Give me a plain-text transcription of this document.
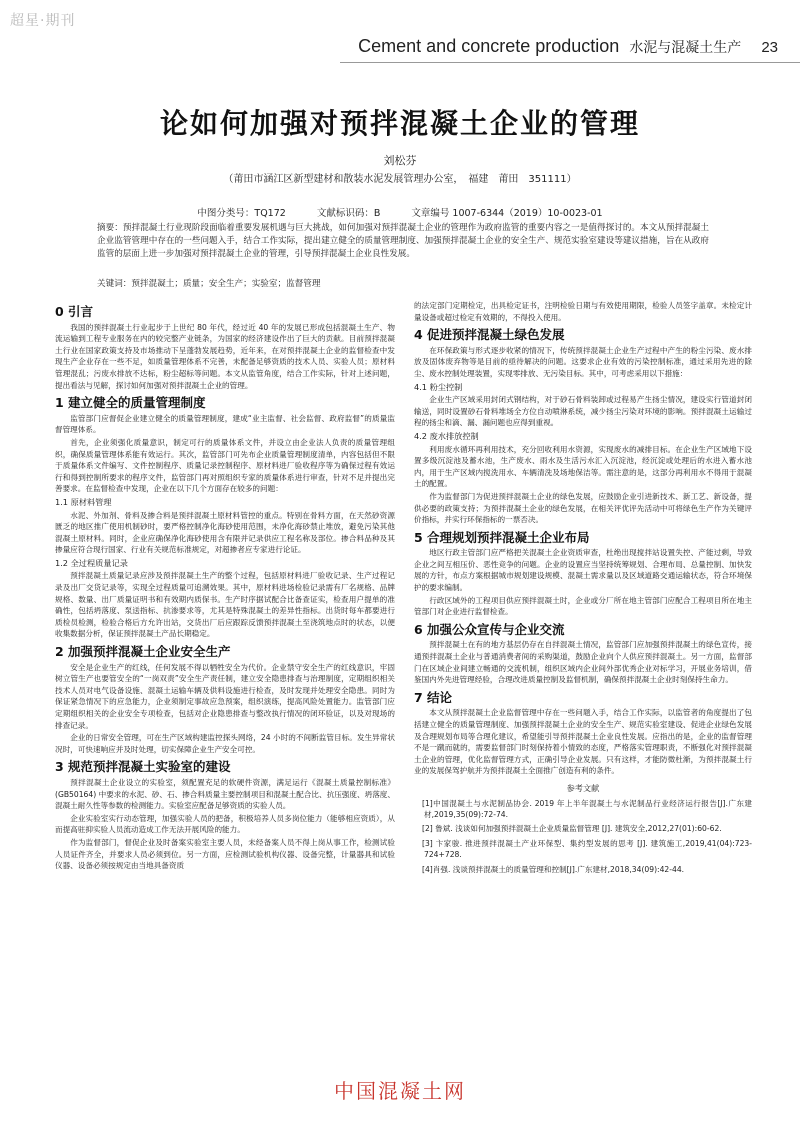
超星·期刊
Cement and concrete production 水泥与混凝土生产 23
论如何加强对预拌混凝土企业的管理
刘松芬
（莆田市涵江区新型建材和散装水泥发展管理办公室，　福建　莆田　351111）
中图分类号：TQ172	文献标识码：B	文章编号 1007-6344（2019）10-0023-01
摘要：预拌混凝土行业现阶段面临着重要发展机遇与巨大挑战，如何加强对预拌混凝土企业的管理作为政府监管的重要内容之一是值得探讨的。本文从预拌混凝土企业监管管理中存在的一些问题入手，结合工作实际，提出建立健全的质量管理制度、加强预拌混凝土企业的安全生产、规范实验室建设等建议措施，旨在从政府监管的层面上进一步加强对预拌混凝土企业的管理，引导预拌混凝土企业良性发展。
关键词：预拌混凝土；质量；安全生产；实验室；监督管理
0 引言

我国的预拌混凝土行业起步于上世纪 80 年代，经过近 40 年的发展已形成包括混凝土生产、物流运输到工程专业服务在内的较完整产业链条，为国家的经济建设作出了巨大的贡献。目前预拌混凝土行业在国家政策支持及市场推动下呈蓬勃发展趋势，近年来，在对预拌混凝土企业的监督检查中发现生产企业存在一些不足，如质量管理体系不完善，未配备足够资质的技术人员、实验人员；原材料管理混乱；污废水排放不达标，粉尘超标等问题。本文从监管角度，结合工作实际，针对上述问题，提出看法与见解，探讨如何加强对预拌混凝土企业的管理。

1 建立健全的质量管理制度

监管部门应督促企业建立健全的质量管理制度，建成“业主监督、社会监督、政府监督”的质量监督管理体系。

首先，企业须强化质量意识，制定可行的质量体系文件，并设立由企业法人负责的质量管理组织，确保质量管理体系能有效运行。其次，监管部门可先布企业质量管理制度清单，内容包括但不限于质量体系文件编写、文件控制程序、质量记录控制程序、原材料进厂验收程序等为确保过程有效运行和得到控制所要求的程序文件，监管部门再对照组织专家的质量体系进行审查，针对不足并提出完善要求。在监督检查中发现，企业在以下几个方面存在较多的问题：

1.1 原材料管理

水泥、外加剂、骨料及掺合料是预拌混凝土原材料管控的重点。特别在骨料方面，在天然砂资源匮乏的地区推广使用机制砂时，要严格控制净化海砂使用范围，未净化海砂禁止堆放，避免污染其他混凝土原材料。同时，企业应确保净化海砂使用含有限并记录供应工程名称及部位。掺合料品种及其掺量应符合现行国家、行业有关规范标准规定，对超掺者应专家进行论证。

1.2 全过程质量记录

预拌混凝土质量记录应涉及预拌混凝土生产的整个过程，包括原材料进厂验收记录、生产过程记录及出厂交货记录等，实现全过程质量可追溯效果。其中，原材料进场检验记录需有厂名规格、品牌规格、数量、出厂质量证明书和有效期内质保书。生产时序据试配合比备查证实，检查用户提单的准确性，包括坍落度、泵送指标、抗渗要求等，尤其是特殊混凝土的差异性指标。出货时每车都要进行质检员检测，检验合格后方允许出站，交货出厂后应跟踪反馈预拌混凝土至浇筑地点时的状态，以便收集数据分析，保证预拌混凝土产品长期稳定。

2 加强预拌混凝土企业安全生产

安全是企业生产的红线，任何发展不得以牺牲安全为代价。企业禁守安全生产的红线意识，牢固树立管生产也要管安全的“一岗双责”安全生产责任制，建立安全隐患排查与治理制度，定期组织相关技术人员对电气设备设施、混凝土运输车辆及供料设施进行检查，及时发现并处理安全隐患。同时为保证紧急情况下的应急能力，企业须制定事故应急预案，组织演练，提高风险处置能力。监管部门应定期组织相关的企业安全专项检查，包括对企业隐患排查与整改执行情况的闭环验证，以及对现场的排查记录。

企业的日常安全管理，可在生产区域构建监控探头网络，24 小时的不间断监管目标。发生异常状况时，可快速响应并及时处理，切实保障企业生产安全可控。

3 规范预拌混凝土实验室的建设

预拌混凝土企业设立的实验室，须配置充足的软硬件资源，满足运行《混凝土质量控制标准》(GB50164) 中要求的水泥、砂、石、掺合料质量主要控制项目和混凝土配合比、抗压强度、坍落度、混凝土耐久性等参数的检测能力。实验室应配备足够资质的实验人员。

企业实验室实行动态管理，加强实验人员的把备，积极培养人员多岗位能力（能够相应资质），从而提高驻抑实验人员流动造成工作无法开展风险的能力。

作为监督部门，督促企业及时备案实验室主要人员，未经备案人员不得上岗从事工作，检测试验人员证件齐全，并要求人员必须到位。另一方面，应检测试验机构仪器、设备完整，计量器具和试验仪器、设备必须按规定由当地具备资质

的法定部门定期检定，出具检定证书，注明检验日期与有效使用期限，检验人员签字盖章。未检定计量设备或超过检定有效期的，不得投入使用。

4 促进预拌混凝土绿色发展

在环保政策与形式逐步收紧的情况下，传统预拌混凝土企业生产过程中产生的粉尘污染、废水排放及固体废弃物等是目前的亟待解决的问题。这要求企业有效的污染控制标准，通过采用先进的除尘、废水控制处理装置，实现零排放、无污染目标。其中，可考虑采用以下措施：

4.1 粉尘控制

企业生产区域采用封闭式钢结构，对于砂石骨料装卸或过程易产生扬尘情况，建设实行管道封闭输送，同时设置砂石骨料堆场全方位自动喷淋系统，减少扬尘污染对环境的影响。预拌混凝土运输过程的扬尘和滴、漏、漏问题也应得到重视。

4.2 废水排放控制

利用废水循环再利用技术，充分回收利用水资源，实现废水的减排目标。在企业生产区域地下设置多级沉淀池及蓄水池，生产废水、雨水及生活污水汇入沉淀池，经沉淀或处理后的水进入蓄水池内，用于生产区域内搅洗用水、车辆清洗及场地保洁等。需注意的是，这部分再利用水不得用于混凝土的配置。

作为监督部门为促进预拌混凝土企业的绿色发展，应鼓励企业引进新技术、新工艺、新设备，提供必要的政策支持；为预拌混凝土企业的绿色发展，在相关评优评先活动中可将绿色生产作为关键评价指标，并实行环保指标的一票否决。

5 合理规划预拌混凝土企业布局

地区行政主管部门应严格把关混凝土企业资质审查，杜绝出现搅拌站设置失控、产能过剩，导致企业之间互相压价、恶性竞争的问题。企业的设置应当坚持统筹规划、合理布局、总量控制、加快发展的方针，布点方案根据城市规划建设规模、混凝土需求量以及区域道路交通运输状态，符合环境保护的要求编制。

行政区域外的工程项目供应预拌混凝土时，企业或分厂所在地主管部门应配合工程项目所在地主管部门对企业进行监督检查。

6 加强公众宣传与企业交流

预拌混凝土在有的地方基层仍存在自拌混凝土情况，监管部门应加强预拌混凝土的绿色宣传，接通预拌混凝土企业与普通消费者间的采购渠道，鼓励企业向个人供应预拌混凝土。另一方面，监督部门在区域企业间建立畅通的交流机制，组织区域内企业间外部优秀企业对标学习，开展业务培训，借鉴国内外先进管理经验，合理改进质量控制及监督机制，确保预拌混凝土企业时刻保持生命力。

7 结论

本文从预拌混凝土企业监督管理中存在一些问题入手，结合工作实际，以监管者的角度提出了包括建立健全的质量管理制度、加强预拌混凝土企业的安全生产、规范实验室建设、促进企业绿色发展及合理规划布局等合理化建议，希望能引导预拌混凝土企业良性发展。应指出的是，企业的监督管理不是一蹴而就的，需要监督部门时刻保持着小情致的态度，严格落实管理职责，不断强化对预拌混凝土企业的管理，优化监督管理方式，正确引导企业发展。只有这样，才能防微杜渐，为预拌混凝土行业的发展保驾护航并为预拌混凝土全面推广创造有利的条件。

参考文献
[1]中国混凝土与水泥制品协会. 2019 年上半年混凝土与水泥制品行业经济运行报告[J].广东建材,2019,35(09):72-74.
[2] 鲁斌. 浅谈如何加强预拌混凝土企业质量监督管理 [J]. 建筑安全,2012,27(01):60-62.
[3] 卞家骏. 推进预拌混凝土产业环保型、集约型发展的思考 [J]. 建筑施工,2019,41(04):723-724+728.
[4]肖强. 浅谈预拌混凝土的质量管理和控制[J].广东建材,2018,34(09):42-44.
中国混凝土网
